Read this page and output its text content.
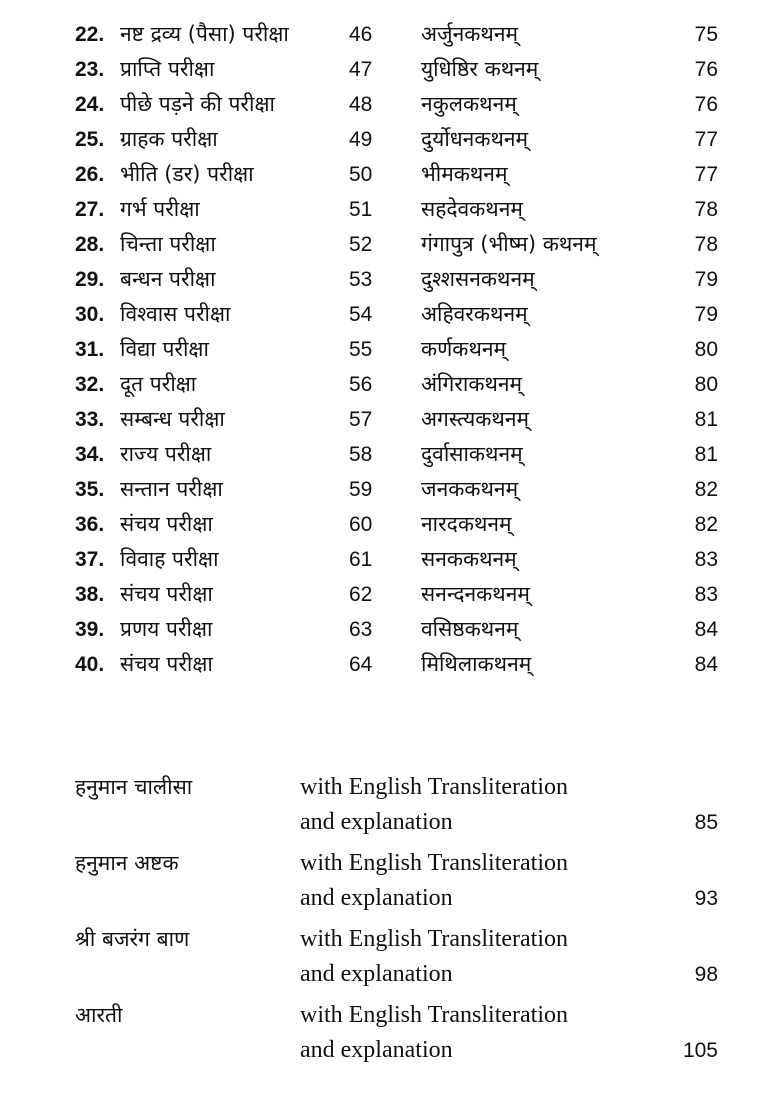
22. नष्ट द्रव्य (पैसा) परीक्षा	46 अर्जुनकथनम्	75
23. प्राप्ति परीक्षा	47 युधिष्ठिर कथनम्	76
24. पीछे पड़ने की परीक्षा	48 नकुलकथनम्	76
25. ग्राहक परीक्षा	49 दुर्योधनकथनम्	77
26. भीति (डर) परीक्षा	50 भीमकथनम्	77
27. गर्भ परीक्षा	51 सहदेवकथनम्	78
28. चिन्ता परीक्षा	52 गंगापुत्र (भीष्म) कथनम्	78
29. बन्धन परीक्षा	53 दुश्शसनकथनम्	79
30. विश्वास परीक्षा	54 अहिवरकथनम्	79
31. विद्या परीक्षा	55 कर्णकथनम्	80
32. दूत परीक्षा	56 अंगिराकथनम्	80
33. सम्बन्ध परीक्षा	57 अगस्त्यकथनम्	81
34. राज्य परीक्षा	58 दुर्वासाकथनम्	81
35. सन्तान परीक्षा	59 जनककथनम्	82
36. संचय परीक्षा	60 नारदकथनम्	82
37. विवाह परीक्षा	61 सनककथनम्	83
38. संचय परीक्षा	62 सनन्दनकथनम्	83
39. प्रणय परीक्षा	63 वसिष्ठकथनम्	84
40. संचय परीक्षा	64 मिथिलाकथनम्	84
हनुमान चालीसा	with English Transliteration
and explanation	85
हनुमान अष्टक	with English Transliteration
and explanation	93
श्री बजरंग बाण	with English Transliteration
and explanation	98
आरती	with English Transliteration
and explanation	105
